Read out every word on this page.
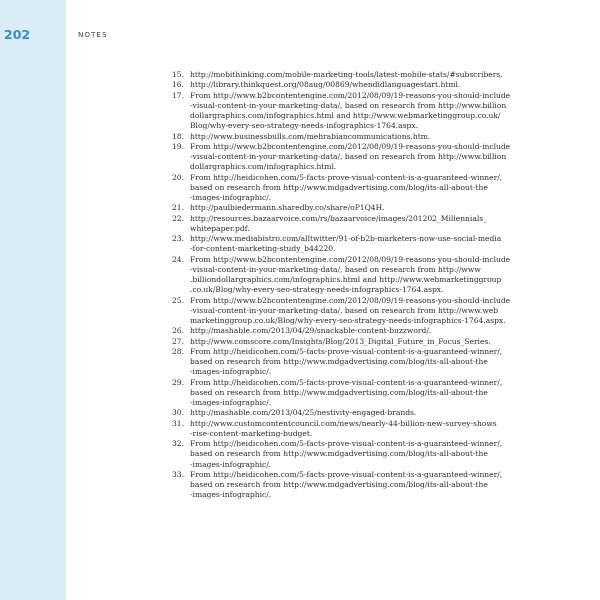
202	NOTES
15. http://mobithinking.com/mobile-marketing-tools/latest-mobile-stats/#subscribers.
16. http://library.thinkquest.org/08aug/00869/whendidlanguagestart.html.
17. From http://www.b2bcontentengine.com/2012/08/09/19-reasons-you-should-include
-visual-content-in-your-marketing-data/, based on research from http://www.billion
dollargraphics.com/infographics.html and http://www.webmarketinggroup.co.uk/
Blog/why-every-seo-strategy-needs-infographics-1764.aspx.
18. http://www.businessbulls.com/mehrabiancommunications.htm.
19. From http://www.b2bcontentengine.com/2012/08/09/19-reasons-you-should-include
-visual-content-in-your-marketing-data/, based on research from http://www.billion
dollargraphics.com/infographics.html.
20. From http://heidicohen.com/5-facts-prove-visual-content-is-a-guaranteed-winner/,
based on research from http://www.mdgadvertising.com/blog/its-all-about-the
-images-infographic/.
21. http://paulbiedermann.sharedby.co/share/oP1Q4H.
22. http://resources.bazaarvoice.com/rs/bazaarvoice/images/201202_Millennials_
whitepaper.pdf.
23. http://www.mediabistro.com/alltwitter/91-of-b2b-marketers-now-use-social-media
-for-content-marketing-study_b44220.
24. From http://www.b2bcontentengine.com/2012/08/09/19-reasons-you-should-include
-visual-content-in-your-marketing-data/, based on research from http://www
.billiondollargraphics.com/infographics.html and http://www.webmarketinggroup
.co.uk/Blog/why-every-seo-strategy-needs-infographics-1764.aspx.
25. From http://www.b2bcontentengine.com/2012/08/09/19-reasons-you-should-include
-visual-content-in-your-marketing-data/, based on research from http://www.web
marketinggroup.co.uk/Blog/why-every-seo-strategy-needs-infographics-1764.aspx.
26. http://mashable.com/2013/04/29/snackable-content-buzzword/.
27. http://www.comscore.com/Insights/Blog/2013_Digital_Future_in_Focus_Series.
28. From http://heidicohen.com/5-facts-prove-visual-content-is-a-guaranteed-winner/,
based on research from http://www.mdgadvertising.com/blog/its-all-about-the
-images-infographic/.
29. From http://heidicohen.com/5-facts-prove-visual-content-is-a-guaranteed-winner/,
based on research from http://www.mdgadvertising.com/blog/its-all-about-the
-images-infographic/.
30. http://mashable.com/2013/04/25/nestivity-engaged-brands.
31. http://www.customcontentcouncil.com/news/nearly-44-billion-new-survey-shows
-rise-content-marketing-budget.
32. From http://heidicohen.com/5-facts-prove-visual-content-is-a-guaranteed-winner/,
based on research from http://www.mdgadvertising.com/blog/its-all-about-the
-images-infographic/.
33. From http://heidicohen.com/5-facts-prove-visual-content-is-a-guaranteed-winner/,
based on research from http://www.mdgadvertising.com/blog/its-all-about-the
-images-infographic/.
